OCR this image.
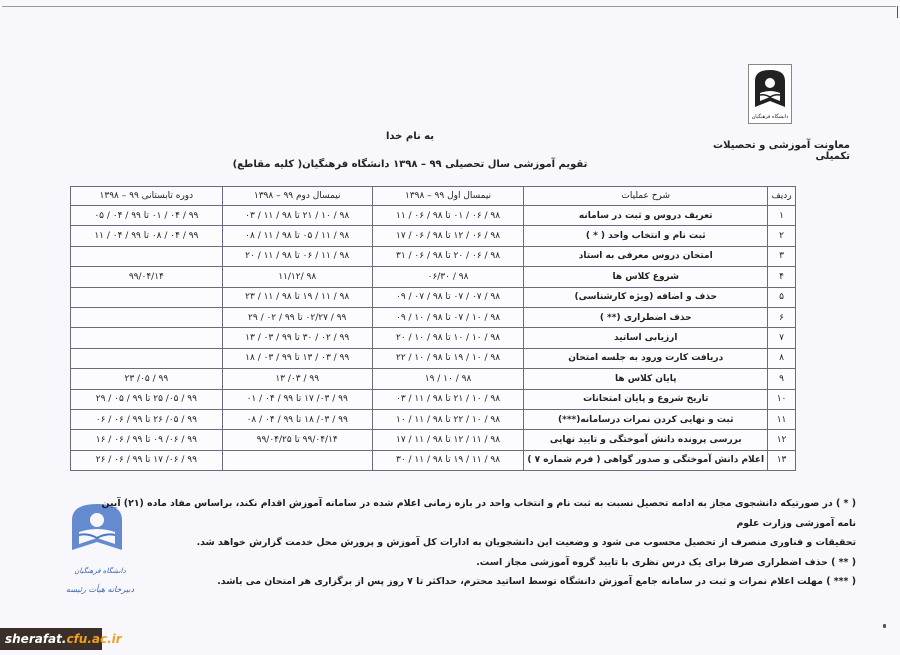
دانشگاه فرهنگیان
معاونت آموزشی و تحصیلات تکمیلی
به نام خدا
تقویم آموزشی سال تحصیلی ۹۹ – ۱۳۹۸ دانشگاه فرهنگیان( کلیه مقاطع)
ردیف	شرح عملیات	نیمسال اول ۹۹ – ۱۳۹۸	نیمسال دوم ۹۹ – ۱۳۹۸	دوره تابستانی ۹۹ – ۱۳۹۸
۱	تعریف دروس و ثبت در سامانه	۹۸ / ۰۶ / ۰۱ تا ۹۸ / ۰۶ / ۱۱	۹۸ / ۱۰ / ۲۱ تا ۹۸ / ۱۱ / ۰۳	۹۹ / ۰۴ / ۰۱ تا ۹۹ / ۰۴ / ۰۵
۲	ثبت نام و انتخاب واحد ( * )	۹۸ / ۰۶ / ۱۲ تا ۹۸ / ۰۶ / ۱۷	۹۸ / ۱۱ / ۰۵ تا ۹۸ / ۱۱ / ۰۸	۹۹ / ۰۴ / ۰۸ تا ۹۹ / ۰۴ / ۱۱
۳	امتحان دروس معرفی به استاد	۹۸ / ۰۶ / ۲۰ تا ۹۸ / ۰۶ / ۳۱	۹۸ / ۱۱ / ۰۶ تا ۹۸ / ۱۱ / ۲۰	
۴	شروع کلاس ها	۹۸ / ۰۶/۳۰	۹۸ /۱۱/۱۲	۹۹/۰۴/۱۴
۵	حذف و اضافه (ویژه کارشناسی)	۹۸ / ۰۷ / ۰۷ تا ۹۸ / ۰۷ / ۰۹	۹۸ / ۱۱ / ۱۹ تا ۹۸ / ۱۱ / ۲۳	
۶	حذف اضطراری (** )	۹۸ / ۱۰ / ۰۷ تا ۹۸ / ۱۰ / ۰۹	۹۹ / ۰۲/۲۷ تا ۹۹ / ۰۲ / ۲۹	
۷	ارزیابی اساتید	۹۸ / ۱۰ / ۱۰ تا ۹۸ / ۱۰ / ۲۰	۹۹ / ۰۲ / ۳۰ تا ۹۹ / ۰۳ / ۱۳	
۸	دریافت کارت ورود به جلسه امتحان	۹۸ / ۱۰ / ۱۹ تا ۹۸ / ۱۰ / ۲۲	۹۹ / ۰۳ / ۱۳ تا ۹۹ / ۰۳ / ۱۸	
۹	پایان کلاس ها	۹۸ / ۱۰ / ۱۹	۹۹ / ۰۳/ ۱۳	۹۹ / ۰۵/ ۲۳
۱۰	تاریخ شروع و پایان امتحانات	۹۸ / ۱۰ / ۲۱ تا ۹۸ / ۱۱ / ۰۳	۹۹ / ۰۳/ ۱۷ تا ۹۹ / ۰۴ / ۰۱	۹۹ / ۰۵/ ۲۵ تا ۹۹ / ۰۵ / ۲۹
۱۱	ثبت و نهایی کردن نمرات درسامانه(***)	۹۸ / ۱۰ / ۲۲ تا ۹۸ / ۱۱ / ۱۰	۹۹ / ۰۳/ ۱۸ تا ۹۹ / ۰۴ / ۰۸	۹۹ / ۰۵/ ۲۶ تا ۹۹ / ۰۶ / ۰۶
۱۲	بررسی پرونده دانش آموختگی و تایید نهایی	۹۸ / ۱۱ / ۱۲ تا ۹۸ / ۱۱ / ۱۷	۹۹/۰۴/۱۴ تا ۹۹/۰۴/۲۵	۹۹ / ۰۶/ ۰۹ تا ۹۹ / ۰۶ / ۱۶
۱۳	اعلام دانش آموختگی و صدور گواهی ( فرم شماره ۷ )	۹۸ / ۱۱ / ۱۹ تا ۹۸ / ۱۱ / ۳۰		۹۹ / ۰۶/ ۱۷ تا ۹۹ / ۰۶ / ۲۶
دانشگاه فرهنگیان
دبیرخانه هیأت رئیسه

( * ) در صورتیکه دانشجوی مجاز به ادامه تحصیل نسبت به ثبت نام و انتخاب واحد در بازه زمانی اعلام شده در سامانه آموزش اقدام نکند، براساس مفاد ماده (۲۱) آیین نامه آموزشی وزارت علوم

تحقیقات و فناوری منصرف از تحصیل محسوب می شود و وضعیت این دانشجویان به ادارات کل آموزش و پرورش محل خدمت گزارش خواهد شد.

( ** ) حذف اضطراری صرفا برای یک درس نظری با تایید گروه آموزشی مجاز است.

( *** ) مهلت اعلام نمرات و ثبت در سامانه جامع آموزش دانشگاه توسط اساتید محترم، حداکثر تا ۷ روز پس از برگزاری هر امتحان می باشد.

sherafat. cfu.ac.ir
